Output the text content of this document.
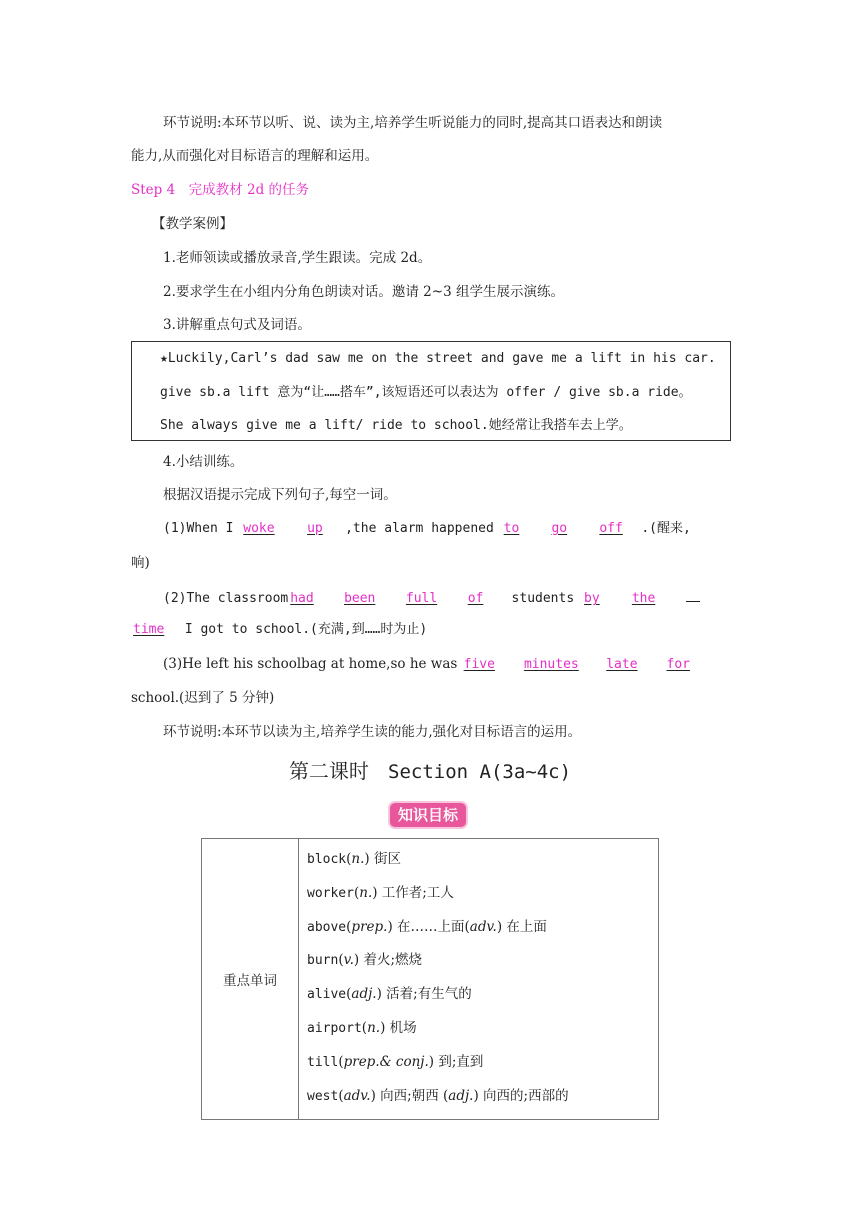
环节说明:本环节以听、说、读为主,培养学生听说能力的同时,提高其口语表达和朗读
能力,从而强化对目标语言的理解和运用。
Step 4　完成教材 2d 的任务
【教学案例】
1.老师领读或播放录音,学生跟读。完成 2d。
2.要求学生在小组内分角色朗读对话。邀请 2~3 组学生展示演练。
3.讲解重点句式及词语。
★Luckily,Carl’s dad saw me on the street and gave me a lift in his car.
give sb.a lift 意为“让……搭车”,该短语还可以表达为 offer / give sb.a ride。
She always give me a lift/ ride to school.她经常让我搭车去上学。
4.小结训练。
根据汉语提示完成下列句子,每空一词。
(1)When I woke	up ,the alarm happened to go off .(醒来,
响)
(2)The classroom had been full of students by the
time I got to school.(充满,到……时为止)
(3)He left his schoolbag at home,so he was five minutes late for
school.(迟到了 5 分钟)
环节说明:本环节以读为主,培养学生读的能力,强化对目标语言的运用。
第二课时 Section A(3a~4c)
知识目标
重点单词	
block(n.) 街区
worker(n.) 工作者;工人
above(prep.) 在……上面(adv.) 在上面
burn(v.) 着火;燃烧
alive(adj.) 活着;有生气的
airport(n.) 机场
till(prep.& conj.) 到;直到
west(adv.) 向西;朝西 (adj.) 向西的;西部的
